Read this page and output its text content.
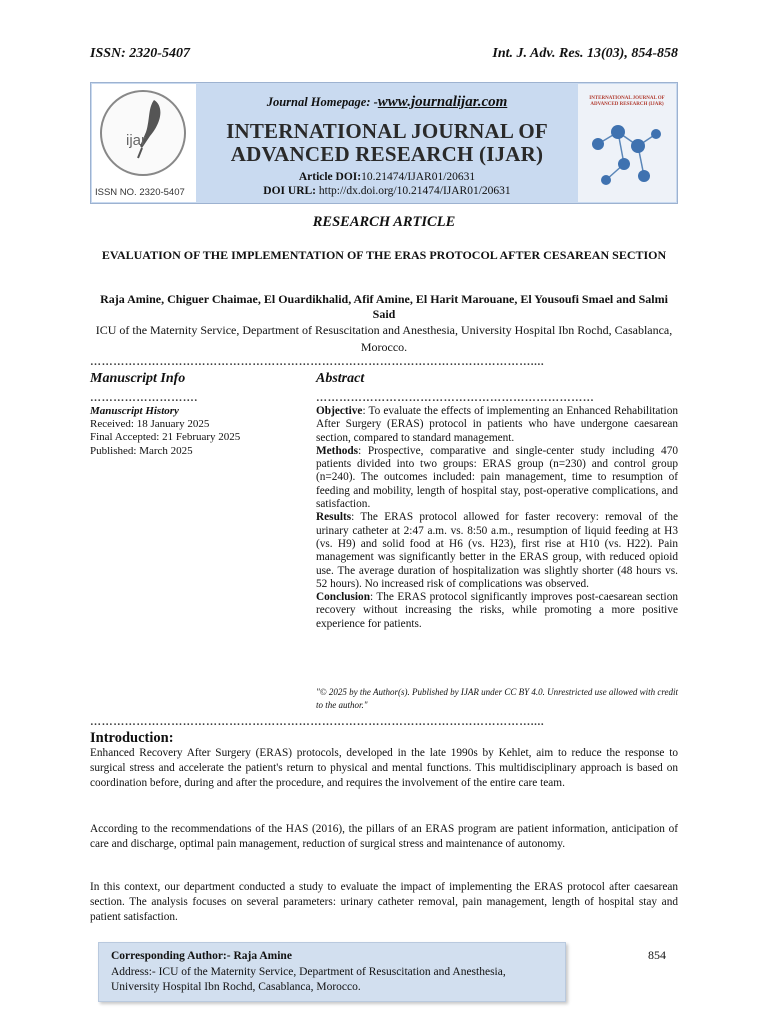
ISSN: 2320-5407	Int. J. Adv. Res. 13(03), 854-858
ijar
ISSN NO. 2320-5407
Journal Homepage: -www.journalijar.com
INTERNATIONAL JOURNAL OF
ADVANCED RESEARCH (IJAR)
Article DOI:10.21474/IJAR01/20631
DOI URL: http://dx.doi.org/10.21474/IJAR01/20631
INTERNATIONAL JOURNAL OF ADVANCED RESEARCH (IJAR)
RESEARCH ARTICLE
EVALUATION OF THE IMPLEMENTATION OF THE ERAS PROTOCOL AFTER CESAREAN SECTION
Raja Amine, Chiguer Chaimae, El Ouardikhalid, Afif Amine, El Harit Marouane, El Yousoufi Smael and Salmi Said
ICU of the Maternity Service, Department of Resuscitation and Anesthesia, University Hospital Ibn Rochd, Casablanca, Morocco.
……………………………………………………………………………………………………....
Manuscript Info	Abstract
……………………….	………………………………………………………………
Manuscript History
Received: 18 January 2025
Final Accepted: 21 February 2025
Published: March 2025

Objective: To evaluate the effects of implementing an Enhanced Rehabilitation After Surgery (ERAS) protocol in patients who have undergone caesarean section, compared to standard management.

Methods: Prospective, comparative and single-center study including 470 patients divided into two groups: ERAS group (n=230) and control group (n=240). The outcomes included: pain management, time to resumption of feeding and mobility, length of hospital stay, post-operative complications, and satisfaction.

Results: The ERAS protocol allowed for faster recovery: removal of the urinary catheter at 2:47 a.m. vs. 8:50 a.m., resumption of liquid feeding at H3 (vs. H9) and solid food at H6 (vs. H23), first rise at H10 (vs. H22). Pain management was significantly better in the ERAS group, with reduced opioid use. The average duration of hospitalization was slightly shorter (48 hours vs. 52 hours). No increased risk of complications was observed.

Conclusion: The ERAS protocol significantly improves post-caesarean section recovery without increasing the risks, while promoting a more positive experience for patients.

"© 2025 by the Author(s). Published by IJAR under CC BY 4.0. Unrestricted use allowed with credit to the author."
……………………………………………………………………………………………………....
Introduction:
Enhanced Recovery After Surgery (ERAS) protocols, developed in the late 1990s by Kehlet, aim to reduce the response to surgical stress and accelerate the patient's return to physical and mental functions. This multidisciplinary approach is based on coordination before, during and after the procedure, and requires the involvement of the entire care team.
According to the recommendations of the HAS (2016), the pillars of an ERAS program are patient information, anticipation of care and discharge, optimal pain management, reduction of surgical stress and maintenance of autonomy.
In this context, our department conducted a study to evaluate the impact of implementing the ERAS protocol after caesarean section. The analysis focuses on several parameters: urinary catheter removal, pain management, length of hospital stay and patient satisfaction.
Corresponding Author:- Raja Amine
Address:- ICU of the Maternity Service, Department of Resuscitation and Anesthesia,
University Hospital Ibn Rochd, Casablanca, Morocco.
854
